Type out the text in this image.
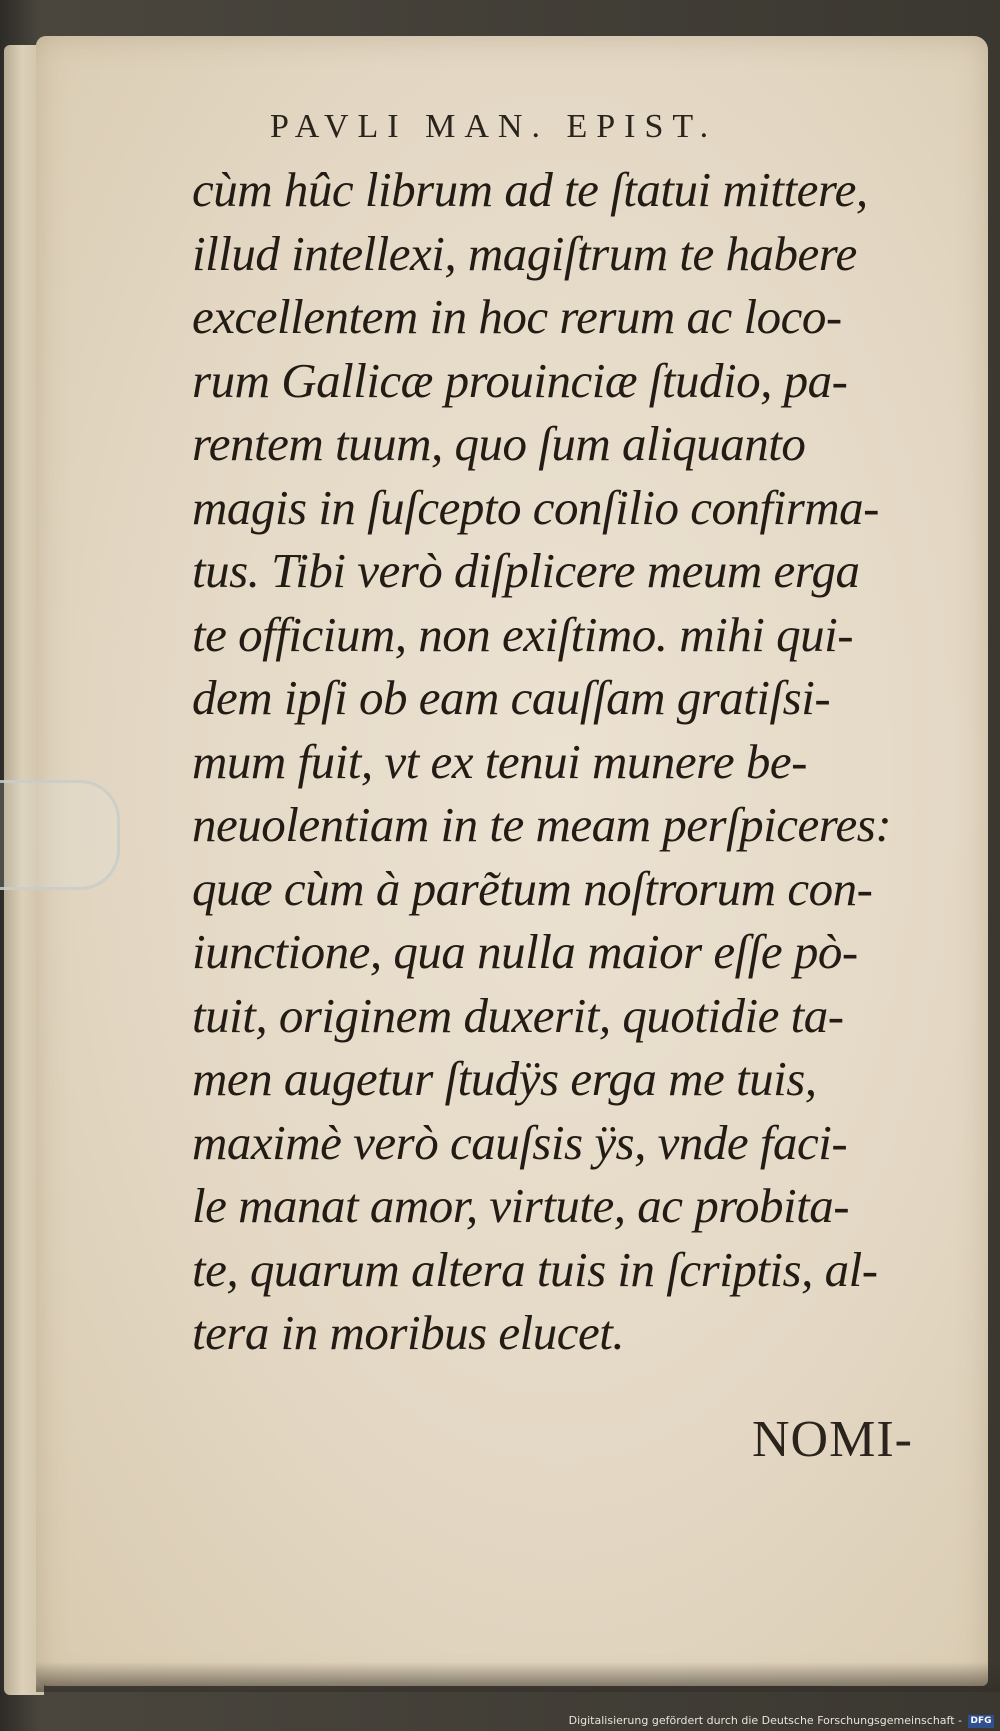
PAVLI MAN. EPIST.
cùm hûc librum ad te ſtatui mittere,
illud intellexi, magiſtrum te habere
excellentem in hoc rerum ac loco-
rum Gallicæ prouinciæ ſtudio, pa-
rentem tuum, quo ſum aliquanto
magis in ſuſcepto conſilio confirma-
tus. Tibi verò diſplicere meum erga
te officium, non exiſtimo. mihi qui-
dem ipſi ob eam cauſſam gratiſsi-
mum fuit, vt ex tenui munere be-
neuolentiam in te meam perſpiceres:
quæ cùm à parẽtum noſtrorum con-
iunctione, qua nulla maior eſſe pò-
tuit, originem duxerit, quotidie ta-
men augetur ſtudÿs erga me tuis,
maximè verò cauſsis ÿs, vnde faci-
le manat amor, virtute, ac probita-
te, quarum altera tuis in ſcriptis, al-
tera in moribus elucet.
NOMI-
Digitalisierung gefördert durch die Deutsche Forschungsgemeinschaft - DFG
